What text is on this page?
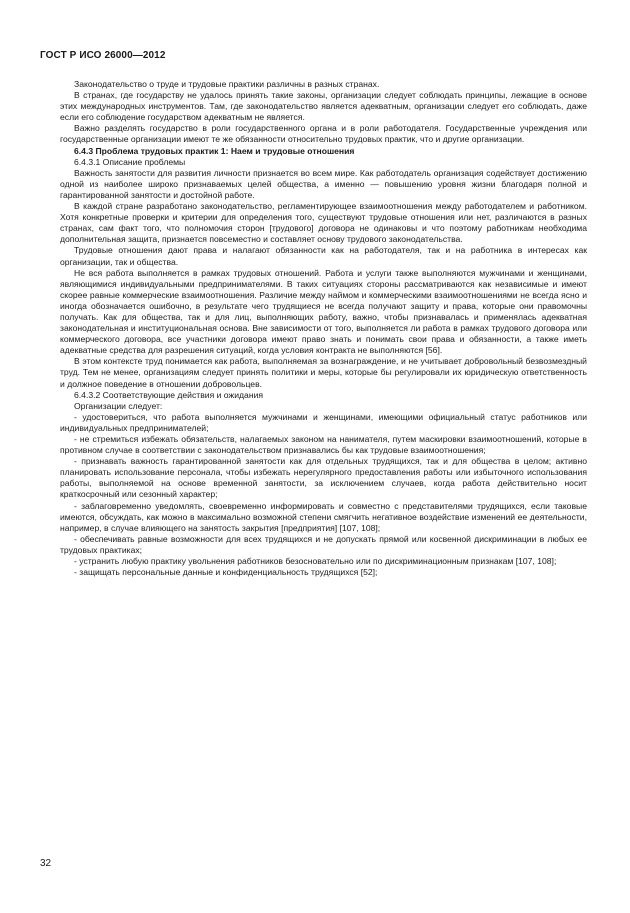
ГОСТ Р ИСО 26000—2012

Законодательство о труде и трудовые практики различны в разных странах.

В странах, где государству не удалось принять такие законы, организации следует соблюдать принципы, лежащие в основе этих международных инструментов. Там, где законодательство является адекватным, организации следует его соблюдать, даже если его соблюдение государством адекватным не является.

Важно разделять государство в роли государственного органа и в роли работодателя. Государственные учреждения или государственные организации имеют те же обязанности относительно трудовых практик, что и другие организации.

6.4.3 Проблема трудовых практик 1: Наем и трудовые отношения

6.4.3.1 Описание проблемы

Важность занятости для развития личности признается во всем мире. Как работодатель организация содействует достижению одной из наиболее широко признаваемых целей общества, а именно — повышению уровня жизни благодаря полной и гарантированной занятости и достойной работе.

В каждой стране разработано законодательство, регламентирующее взаимоотношения между работодателем и работником. Хотя конкретные проверки и критерии для определения того, существуют трудовые отношения или нет, различаются в разных странах, сам факт того, что полномочия сторон [трудового] договора не одинаковы и что поэтому работникам необходима дополнительная защита, признается повсеместно и составляет основу трудового законодательства.

Трудовые отношения дают права и налагают обязанности как на работодателя, так и на работника в интересах как организации, так и общества.

Не вся работа выполняется в рамках трудовых отношений. Работа и услуги также выполняются мужчинами и женщинами, являющимися индивидуальными предпринимателями. В таких ситуациях стороны рассматриваются как независимые и имеют скорее равные коммерческие взаимоотношения. Различие между наймом и коммерческими взаимоотношениями не всегда ясно и иногда обозначается ошибочно, в результате чего трудящиеся не всегда получают защиту и права, которые они правомочны получать. Как для общества, так и для лиц, выполняющих работу, важно, чтобы признавалась и применялась адекватная законодательная и институциональная основа. Вне зависимости от того, выполняется ли работа в рамках трудового договора или коммерческого договора, все участники договора имеют право знать и понимать свои права и обязанности, а также иметь адекватные средства для разрешения ситуаций, когда условия контракта не выполняются [56].

В этом контексте труд понимается как работа, выполняемая за вознаграждение, и не учитывает добровольный безвозмездный труд. Тем не менее, организациям следует принять политики и меры, которые бы регулировали их юридическую ответственность и должное поведение в отношении добровольцев.

6.4.3.2 Соответствующие действия и ожидания

Организации следует:

- удостовериться, что работа выполняется мужчинами и женщинами, имеющими официальный статус работников или индивидуальных предпринимателей;

- не стремиться избежать обязательств, налагаемых законом на нанимателя, путем маскировки взаимоотношений, которые в противном случае в соответствии с законодательством признавались бы как трудовые взаимоотношения;

- признавать важность гарантированной занятости как для отдельных трудящихся, так и для общества в целом; активно планировать использование персонала, чтобы избежать нерегулярного предоставления работы или избыточного использования работы, выполняемой на основе временной занятости, за исключением случаев, когда работа действительно носит краткосрочный или сезонный характер;

- заблаговременно уведомлять, своевременно информировать и совместно с представителями трудящихся, если таковые имеются, обсуждать, как можно в максимально возможной степени смягчить негативное воздействие изменений ее деятельности, например, в случае влияющего на занятость закрытия [предприятия] [107, 108];

- обеспечивать равные возможности для всех трудящихся и не допускать прямой или косвенной дискриминации в любых ее трудовых практиках;

- устранить любую практику увольнения работников безосновательно или по дискриминационным признакам [107, 108];

- защищать персональные данные и конфиденциальность трудящихся [52];

32
